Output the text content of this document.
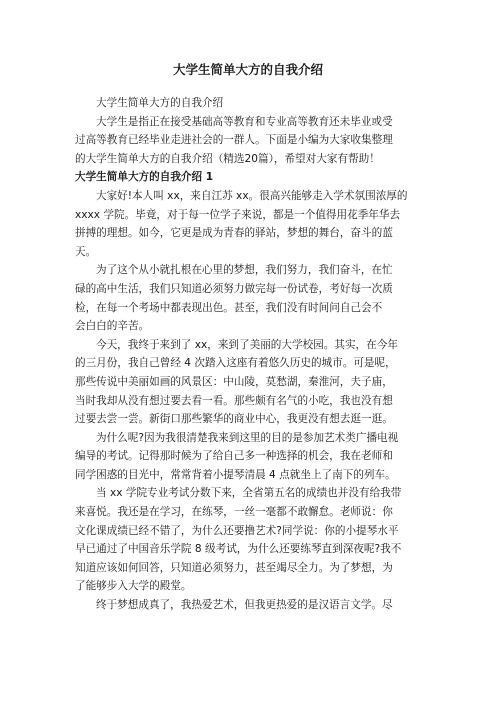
大学生简单大方的自我介绍

大学生简单大方的自我介绍
大学生是指正在接受基础高等教育和专业高等教育还未毕业或受
过高等教育已经毕业走进社会的一群人。下面是小编为大家收集整理
的大学生简单大方的自我介绍（精选20篇），希望对大家有帮助！
大学生简单大方的自我介绍 1
大家好!本人叫 xx，来自江苏 xx。很高兴能够走入学术氛围浓厚的
xxxx 学院。毕竟，对于每一位学子来说，都是一个值得用花季年华去
拼搏的理想。如今，它更是成为青春的驿站，梦想的舞台，奋斗的蓝
天。
为了这个从小就扎根在心里的梦想，我们努力，我们奋斗，在忙
碌的高中生活，我们只知道必须努力做完每一份试卷，考好每一次质
检，在每一个考场中都表现出色。甚至，我们没有时间问自己会不
会白白的辛苦。
今天，我终于来到了 xx，来到了美丽的大学校园。其实，在今年
的三月份，我自己曾经 4 次踏入这座有着悠久历史的城市。可是呢，
那些传说中美丽如画的风景区：中山陵，莫愁湖，秦淮河，夫子庙，
当时我却从没有想过要去看一看。那些颇有名气的小吃，我也没有想
过要去尝一尝。新街口那些繁华的商业中心，我更没有想去逛一逛。
为什么呢?因为我很清楚我来到这里的目的是参加艺术类广播电视
编导的考试。记得那时候为了给自己多一种选择的机会，我在老师和
同学困惑的目光中，常常背着小提琴清晨 4 点就坐上了南下的列车。
当 xx 学院专业考试分数下来，全省第五名的成绩也并没有给我带
来喜悦。我还是在学习，在练琴，一丝一毫都不敢懈怠。老师说：你
文化课成绩已经不错了，为什么还要撸艺术?同学说：你的小提琴水平
早已通过了中国音乐学院 8 级考试，为什么还要练琴直到深夜呢?我不
知道应该如何回答，只知道必须努力，甚至竭尽全力。为了梦想，为
了能够步入大学的殿堂。
终于梦想成真了，我热爱艺术，但我更热爱的是汉语言文学。尽
